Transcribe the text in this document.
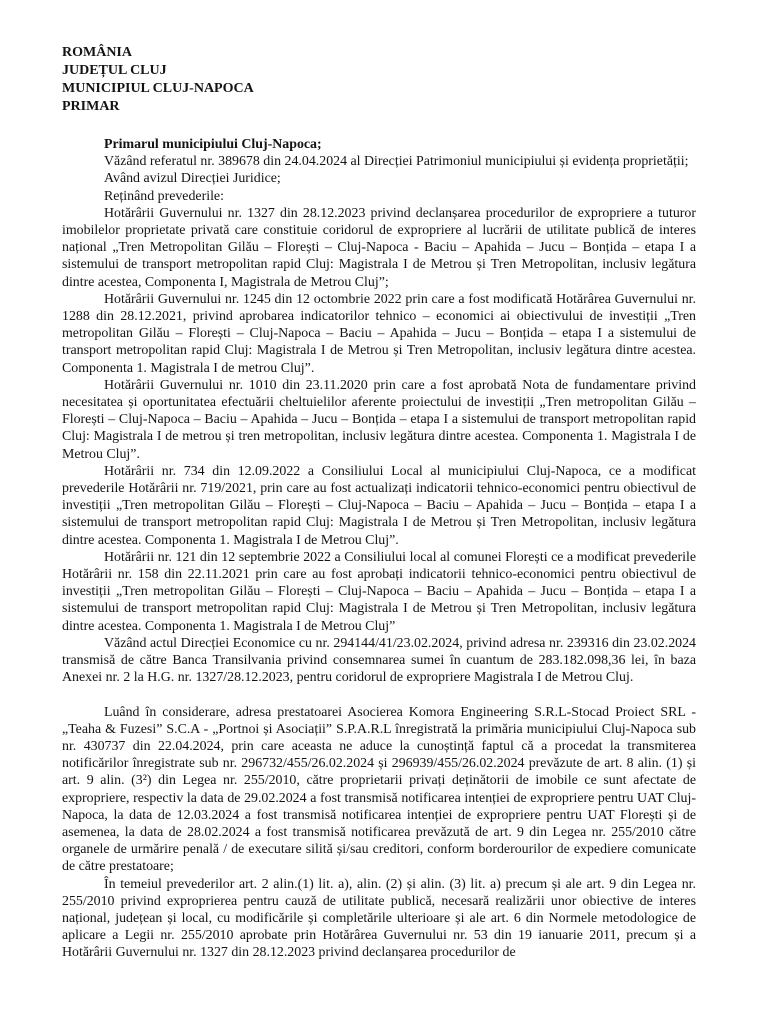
ROMÂNIA
JUDEȚUL CLUJ
MUNICIPIUL CLUJ-NAPOCA
PRIMAR

Primarul municipiului Cluj-Napoca;

Văzând referatul nr. 389678 din 24.04.2024 al Direcției Patrimoniul municipiului și evidența proprietății;

Având avizul Direcției Juridice;

Reținând prevederile:

Hotărârii Guvernului nr. 1327 din 28.12.2023 privind declanșarea procedurilor de expropriere a tuturor imobilelor proprietate privată care constituie coridorul de expropriere al lucrării de utilitate publică de interes național „Tren Metropolitan Gilău – Florești – Cluj-Napoca - Baciu – Apahida – Jucu – Bonțida – etapa I a sistemului de transport metropolitan rapid Cluj: Magistrala I de Metrou și Tren Metropolitan, inclusiv legătura dintre acestea, Componenta I, Magistrala de Metrou Cluj”;

Hotărârii Guvernului nr. 1245 din 12 octombrie 2022 prin care a fost modificată Hotărârea Guvernului nr. 1288 din 28.12.2021, privind aprobarea indicatorilor tehnico – economici ai obiectivului de investiții „Tren metropolitan Gilău – Florești – Cluj-Napoca – Baciu – Apahida – Jucu – Bonțida – etapa I a sistemului de transport metropolitan rapid Cluj: Magistrala I de Metrou și Tren Metropolitan, inclusiv legătura dintre acestea. Componenta 1. Magistrala I de metrou Cluj”.

Hotărârii Guvernului nr. 1010 din 23.11.2020 prin care a fost aprobată Nota de fundamentare privind necesitatea și oportunitatea efectuării cheltuielilor aferente proiectului de investiții „Tren metropolitan Gilău – Florești – Cluj-Napoca – Baciu – Apahida – Jucu – Bonțida – etapa I a sistemului de transport metropolitan rapid Cluj: Magistrala I de metrou și tren metropolitan, inclusiv legătura dintre acestea. Componenta 1. Magistrala I de Metrou Cluj”.

Hotărârii nr. 734 din 12.09.2022 a Consiliului Local al municipiului Cluj-Napoca, ce a modificat prevederile Hotărârii nr. 719/2021, prin care au fost actualizați indicatorii tehnico-economici pentru obiectivul de investiții „Tren metropolitan Gilău – Florești – Cluj-Napoca – Baciu – Apahida – Jucu – Bonțida – etapa I a sistemului de transport metropolitan rapid Cluj: Magistrala I de Metrou și Tren Metropolitan, inclusiv legătura dintre acestea. Componenta 1. Magistrala I de Metrou Cluj”.

Hotărârii nr. 121 din 12 septembrie 2022 a Consiliului local al comunei Florești ce a modificat prevederile Hotărârii nr. 158 din 22.11.2021 prin care au fost aprobați indicatorii tehnico-economici pentru obiectivul de investiții „Tren metropolitan Gilău – Florești – Cluj-Napoca – Baciu – Apahida – Jucu – Bonțida – etapa I a sistemului de transport metropolitan rapid Cluj: Magistrala I de Metrou și Tren Metropolitan, inclusiv legătura dintre acestea. Componenta 1. Magistrala I de Metrou Cluj”

Văzând actul Direcției Economice cu nr. 294144/41/23.02.2024, privind adresa nr. 239316 din 23.02.2024 transmisă de către Banca Transilvania privind consemnarea sumei în cuantum de 283.182.098,36 lei, în baza Anexei nr. 2 la H.G. nr. 1327/28.12.2023, pentru coridorul de expropriere Magistrala I de Metrou Cluj.

Luând în considerare, adresa prestatoarei Asocierea Komora Engineering S.R.L-Stocad Proiect SRL - „Teaha & Fuzesi” S.C.A - „Portnoi și Asociații” S.P.A.R.L înregistrată la primăria municipiului Cluj-Napoca sub nr. 430737 din 22.04.2024, prin care aceasta ne aduce la cunoștință faptul că a procedat la transmiterea notificărilor înregistrate sub nr. 296732/455/26.02.2024 și 296939/455/26.02.2024 prevăzute de art. 8 alin. (1) și art. 9 alin. (3²) din Legea nr. 255/2010, către proprietarii privați deținătorii de imobile ce sunt afectate de expropriere, respectiv la data de 29.02.2024 a fost transmisă notificarea intenției de expropriere pentru UAT Cluj-Napoca, la data de 12.03.2024 a fost transmisă notificarea intenției de expropriere pentru UAT Florești și de asemenea, la data de 28.02.2024 a fost transmisă notificarea prevăzută de art. 9 din Legea nr. 255/2010 către organele de urmărire penală / de executare silită și/sau creditori, conform borderourilor de expediere comunicate de către prestatoare;

În temeiul prevederilor art. 2 alin.(1) lit. a), alin. (2) și alin. (3) lit. a) precum și ale art. 9 din Legea nr. 255/2010 privind exproprierea pentru cauză de utilitate publică, necesară realizării unor obiective de interes național, județean și local, cu modificările și completările ulterioare și ale art. 6 din Normele metodologice de aplicare a Legii nr. 255/2010 aprobate prin Hotărârea Guvernului nr. 53 din 19 ianuarie 2011, precum și a Hotărârii Guvernului nr. 1327 din 28.12.2023 privind declanșarea procedurilor de
